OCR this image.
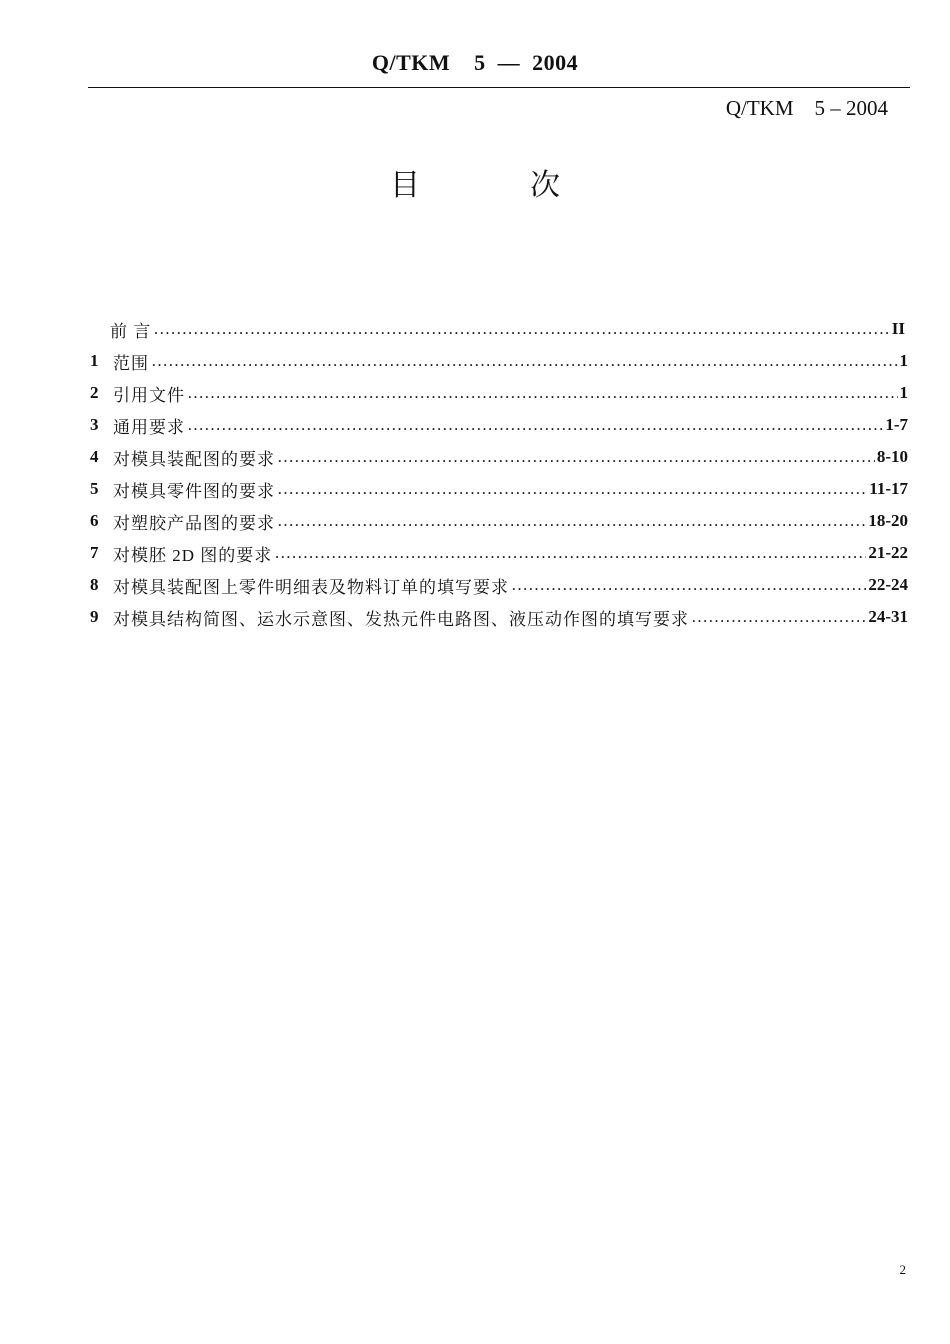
Q/TKM    5  —  2004
Q/TKM    5 – 2004
目次
前 言 ……………………………………………………………………………………………………………………………………………………………………………………	II
1 范围 ……………………………………………………………………………………………………………………………………………………………………………………	1
2 引用文件 ……………………………………………………………………………………………………………………………………………………………………………………	1
3 通用要求 ……………………………………………………………………………………………………………………………………………………………………………………	1-7
4 对模具装配图的要求 ……………………………………………………………………………………………………………………………………………………………………………………	8-10
5 对模具零件图的要求 ……………………………………………………………………………………………………………………………………………………………………………………	11-17
6 对塑胶产品图的要求 ……………………………………………………………………………………………………………………………………………………………………………………	18-20
7 对模胚 2D 图的要求 ……………………………………………………………………………………………………………………………………………………………………………………	21-22
8 对模具装配图上零件明细表及物料订单的填写要求 ……………………………………………………………………………………………………………………………………………………………………………………	22-24
9 对模具结构简图、运水示意图、发热元件电路图、液压动作图的填写要求 ……………………………………………………………………………………………………………………………………………………………………………………	24-31
2
